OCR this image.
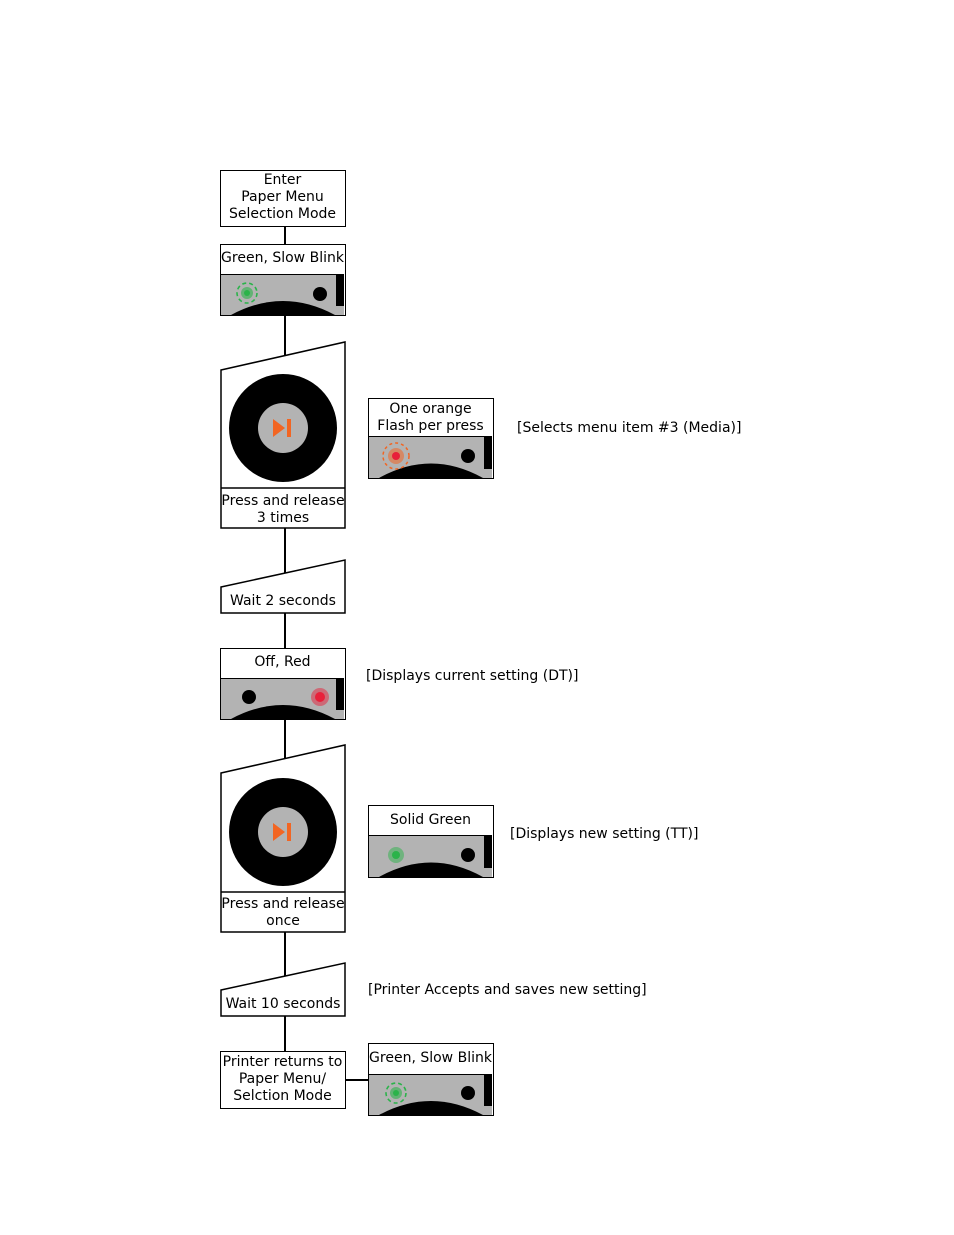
Enter
Paper Menu
Selection Mode
Green, Slow Blink
Press and release
3 times
One orange
Flash per press	[Selects menu item #3 (Media)]
Wait 2 seconds
Off, Red
[Displays current setting (DT)]
Press and release
once
Solid Green
[Displays new setting (TT)]
Wait 10 seconds
[Printer Accepts and saves new setting]
Printer returns to
Paper Menu/
Selction Mode
Green, Slow Blink
